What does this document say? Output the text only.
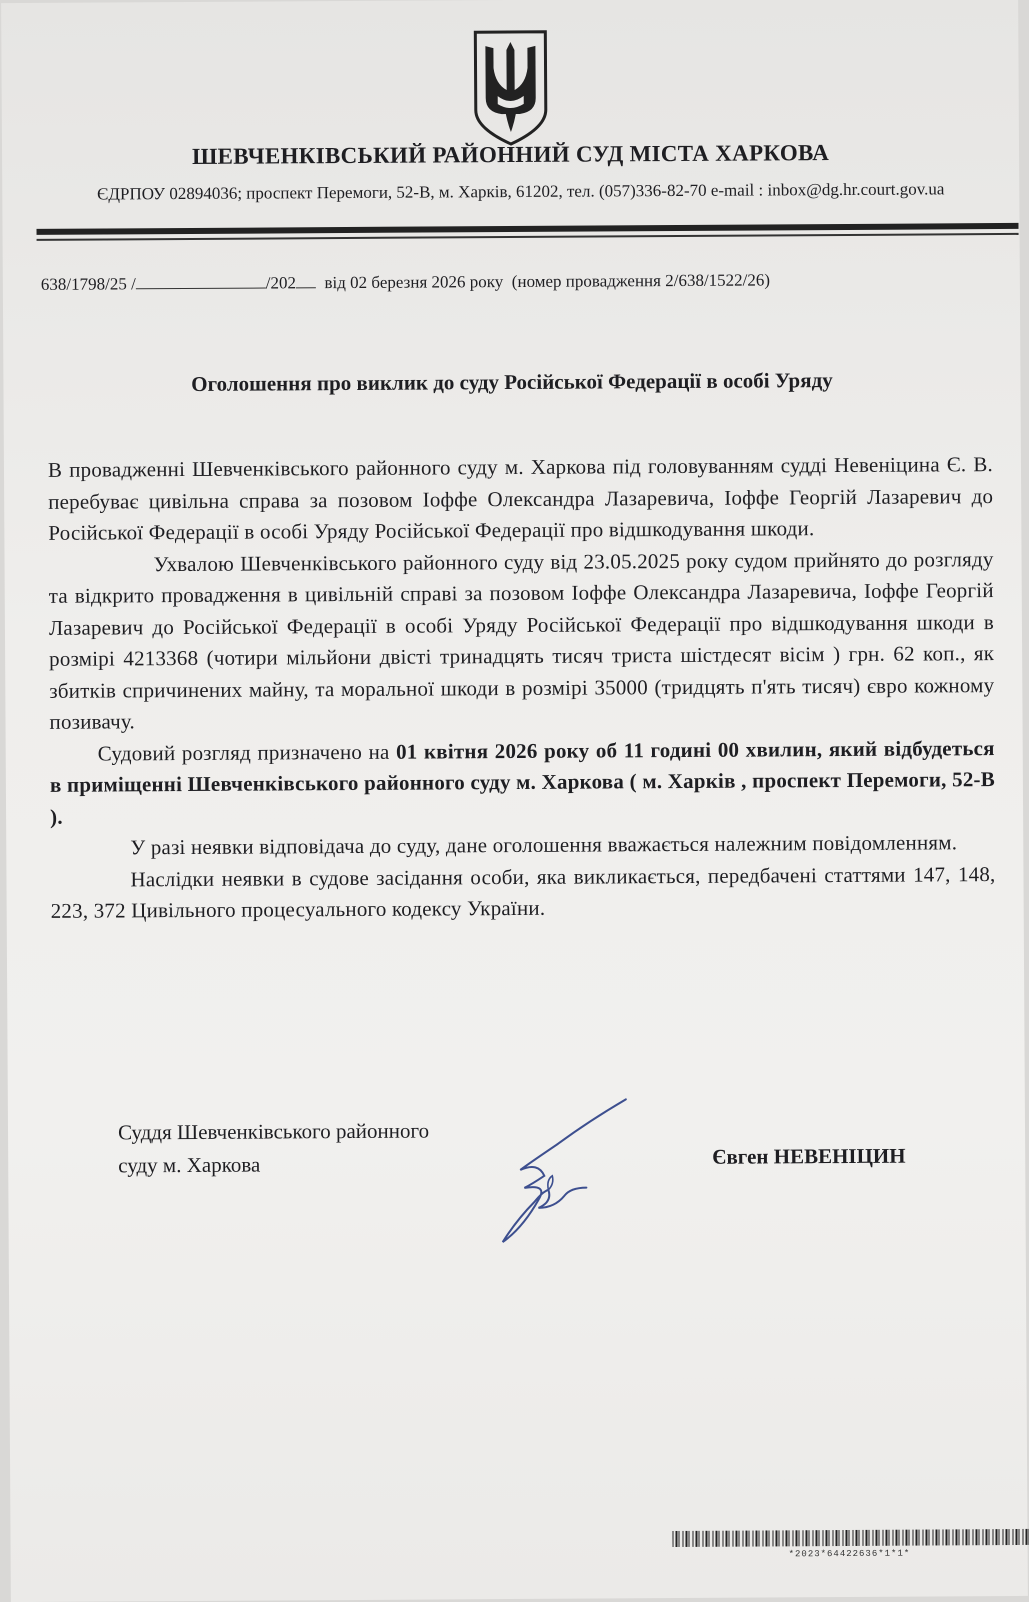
ШЕВЧЕНКІВСЬКИЙ РАЙОННИЙ СУД МІСТА ХАРКОВА
ЄДРПОУ 02894036; проспект Перемоги, 52-В, м. Харків, 61202, тел. (057)336-82-70 e-mail : inbox@dg.hr.court.gov.ua
638/1798/25 /	/202 від 02 березня 2026 року (номер провадження 2/638/1522/26)
Оголошення про виклик до суду Російської Федерації в особі Уряду

В провадженні Шевченківського районного суду м. Харкова під головуванням судді Невеніцина Є. В. перебуває цивільна справа за позовом Іоффе Олександра Лазаревича, Іоффе Георгій Лазаревич до Російської Федерації в особі Уряду Російської Федерації про відшкодування шкоди.

Ухвалою Шевченківського районного суду від 23.05.2025 року судом прийнято до розгляду та відкрито провадження в цивільній справі за позовом Іоффе Олександра Лазаревича, Іоффе Георгій Лазаревич до Російської Федерації в особі Уряду Російської Федерації про відшкодування шкоди в розмірі 4213368 (чотири мільйони двісті тринадцять тисяч триста шістдесят вісім ) грн. 62 коп., як збитків спричинених майну, та моральної шкоди в розмірі 35000 (тридцять п'ять тисяч) євро кожному позивачу.

Судовий розгляд призначено на 01 квітня 2026 року об 11 годині 00 хвилин, який відбудеться в приміщенні Шевченківського районного суду м. Харкова ( м. Харків , проспект Перемоги, 52-В ).

У разі неявки відповідача до суду, дане оголошення вважається належним повідомленням.

Наслідки неявки в судове засідання особи, яка викликається, передбачені статтями 147, 148, 223, 372 Цивільного процесуального кодексу України.

Суддя Шевченківського районного
суду м. Харкова	Євген НЕВЕНІЦИН
*2023*64422636*1*1*
